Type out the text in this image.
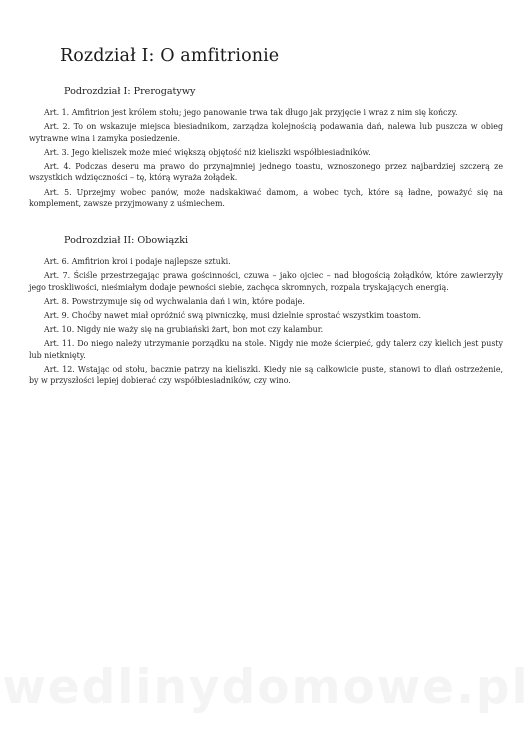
Rozdział I: O amfitrionie
Podrozdział I: Prerogatywy

Art. 1. Amfitrion jest królem stołu; jego panowanie trwa tak długo jak przyjęcie i wraz z nim się kończy.

Art. 2. To on wskazuje miejsca biesiadnikom, zarządza kolejnością podawania dań, nalewa lub puszcza w obieg wytrawne wina i zamyka posiedzenie.

Art. 3. Jego kieliszek może mieć większą objętość niż kieliszki współbiesiadników.

Art. 4. Podczas deseru ma prawo do przynajmniej jednego toastu, wznoszonego przez najbardziej szczerą ze wszystkich wdzięczności – tę, którą wyraża żołądek.

Art. 5. Uprzejmy wobec panów, może nadskakiwać damom, a wobec tych, które są ładne, poważyć się na komplement, zawsze przyjmowany z uśmiechem.

Podrozdział II: Obowiązki

Art. 6. Amfitrion kroi i podaje najlepsze sztuki.

Art. 7. Ściśle przestrzegając prawa gościnności, czuwa – jako ojciec – nad błogością żołądków, które zawierzyły jego troskliwości, nieśmiałym dodaje pewności siebie, zachęca skromnych, rozpala tryskających energią.

Art. 8. Powstrzymuje się od wychwalania dań i win, które podaje.

Art. 9. Choćby nawet miał opróżnić swą piwniczkę, musi dzielnie sprostać wszystkim toastom.

Art. 10. Nigdy nie waży się na grubiański żart, bon mot czy kalambur.

Art. 11. Do niego należy utrzymanie porządku na stole. Nigdy nie może ścierpieć, gdy talerz czy kielich jest pusty lub nietknięty.

Art. 12. Wstając od stołu, bacznie patrzy na kieliszki. Kiedy nie są całkowicie puste, stanowi to dlań ostrzeżenie, by w przyszłości lepiej dobierać czy współbiesiadników, czy wino.

wedlinydomowe.pl
